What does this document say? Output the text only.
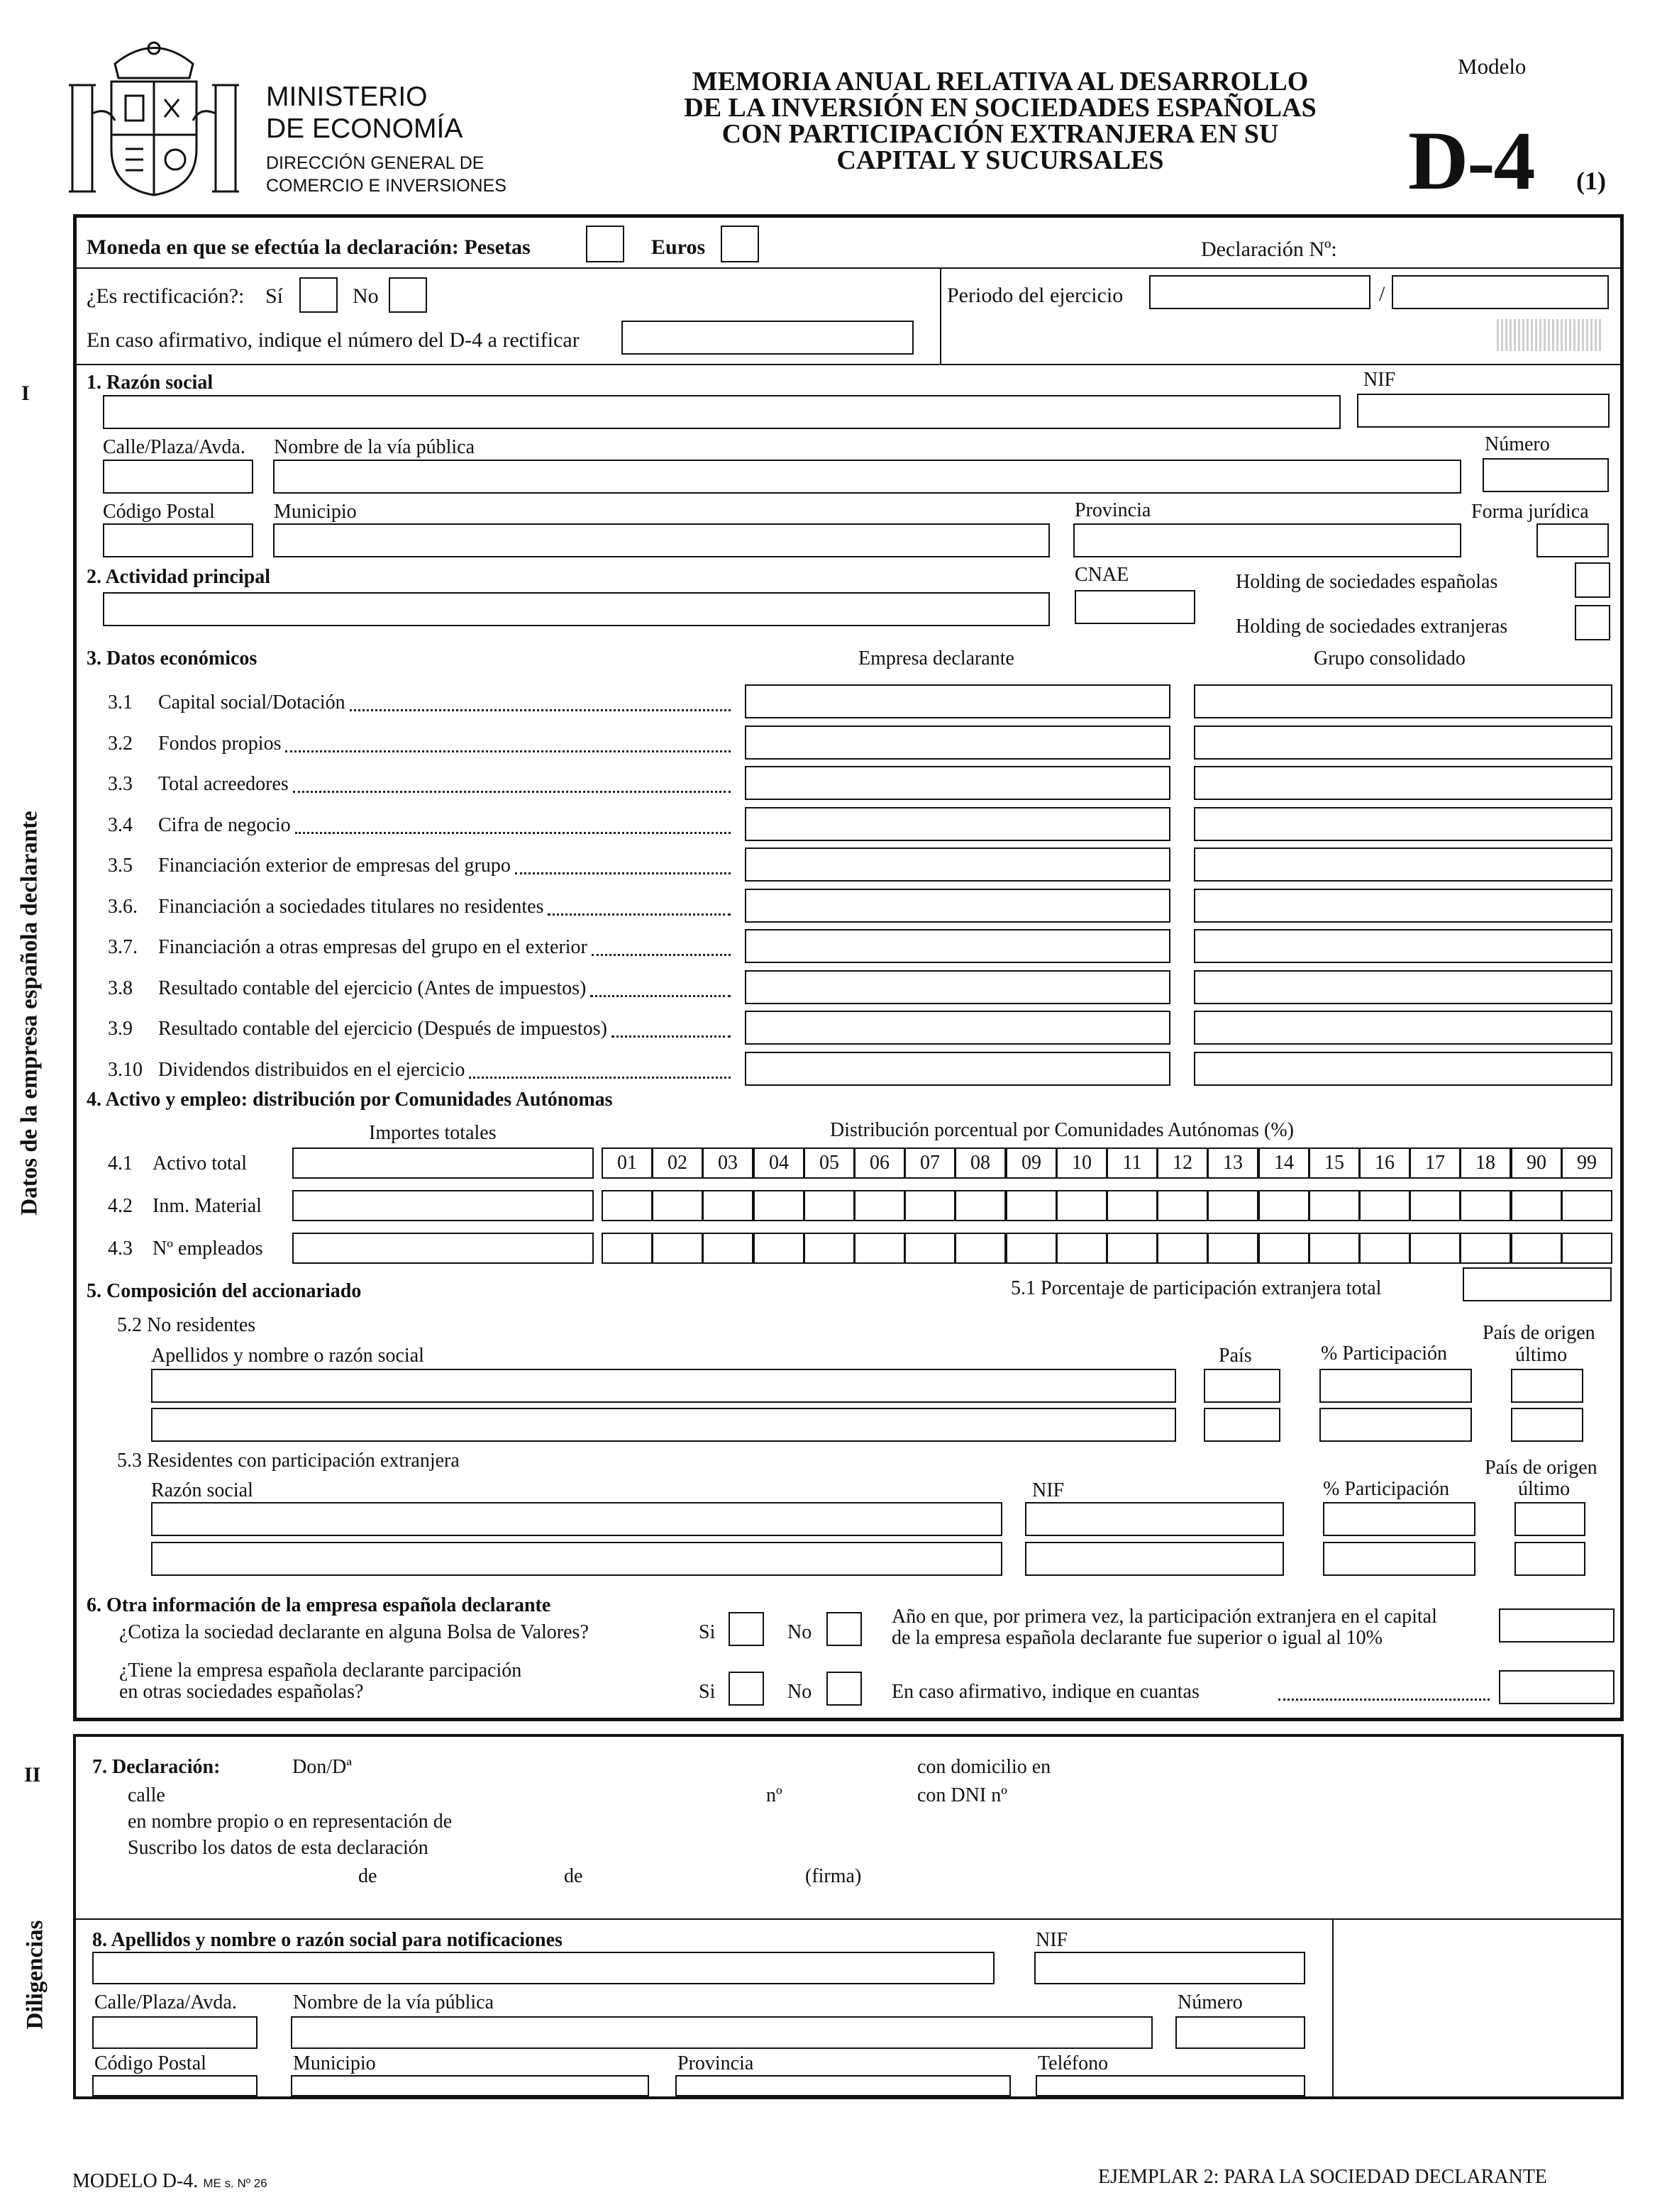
MINISTERIO
DE ECONOMÍA
DIRECCIÓN GENERAL DE
COMERCIO E INVERSIONES
MEMORIA ANUAL RELATIVA AL DESARROLLO
DE LA INVERSIÓN EN SOCIEDADES ESPAÑOLAS
CON PARTICIPACIÓN EXTRANJERA EN SU
CAPITAL Y SUCURSALES
Modelo
D-4 (1)
I
Datos de la empresa española declarante
Moneda en que se efectúa la declaración: Pesetas	Euros	Declaración Nº:
¿Es rectificación?: Sí	No
En caso afirmativo, indique el número del D-4 a rectificar
Periodo del ejercicio	/
1. Razón social	NIF
Calle/Plaza/Avda. Nombre de la vía pública	Número
Código Postal	Municipio	Provincia	Forma jurídica
2. Actividad principal	CNAE	Holding de sociedades españolas
Holding de sociedades extranjeras
3. Datos económicos	Empresa declarante	Grupo consolidado
3.1 Capital social/Dotación
3.2 Fondos propios
3.3 Total acreedores
3.4 Cifra de negocio
3.5 Financiación exterior de empresas del grupo
3.6. Financiación a sociedades titulares no residentes
3.7. Financiación a otras empresas del grupo en el exterior
3.8 Resultado contable del ejercicio (Antes de impuestos)
3.9 Resultado contable del ejercicio (Después de impuestos)
3.10 Dividendos distribuidos en el ejercicio
4. Activo y empleo: distribución por Comunidades Autónomas
Importes totales	Distribución porcentual por Comunidades Autónomas (%)
4.1 Activo total	01	02	03	04	05	06	07	08	09	10	11	12	13	14	15	16	17	18	90	99
4.2 Inm. Material
4.3 Nº empleados
5. Composición del accionariado	5.1 Porcentaje de participación extranjera total
5.2 No residentes	País de origen
Apellidos y nombre o razón social	País	% Participación	último
5.3 Residentes con participación extranjera	País de origen
Razón social	NIF	% Participación	último
6. Otra información de la empresa española declarante
¿Cotiza la sociedad declarante en alguna Bolsa de Valores?	Si	No
Año en que, por primera vez, la participación extranjera en el capital
de la empresa española declarante fue superior o igual al 10%
¿Tiene la empresa española declarante parcipación
en otras sociedades españolas?	Si	No	En caso afirmativo, indique en cuantas
II
Diligencias
7. Declaración:	Don/Dª	con domicilio en
calle	nº	con DNI nº
en nombre propio o en representación de
Suscribo los datos de esta declaración
de	de	(firma)
8. Apellidos y nombre o razón social para notificaciones	NIF
Calle/Plaza/Avda.	Nombre de la vía pública	Número
Código Postal	Municipio	Provincia	Teléfono
MODELO D-4. ME s. Nº 26	EJEMPLAR 2: PARA LA SOCIEDAD DECLARANTE
